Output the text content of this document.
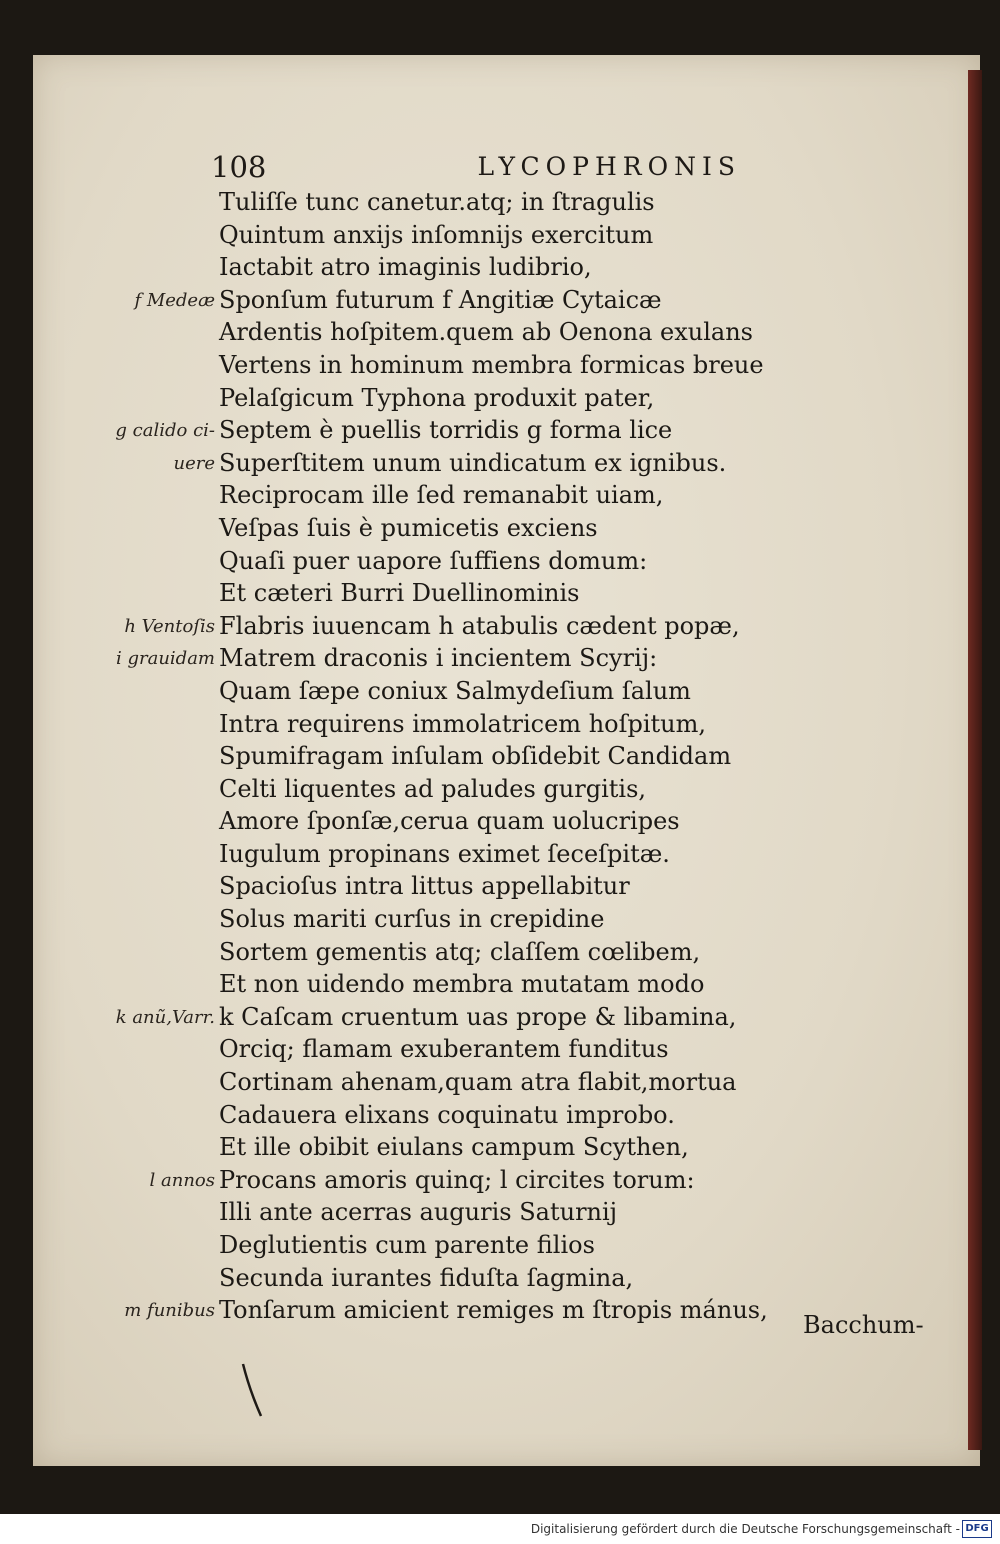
108	LYCOPHRONIS
Tuliſſe tunc canetur.atq; in ſtragulis
Quintum anxijs inſomnijs exercitum
Iactabit atro imaginis ludibrio,
Sponſum futurum f Angitiæ Cytaicæ
Ardentis hoſpitem.quem ab Oenona exulans
Vertens in hominum membra formicas breue
Pelaſgicum Typhona produxit pater,
Septem è puellis torridis g forma lice
Superſtitem unum uindicatum ex ignibus.
Reciprocam ille ſed remanabit uiam,
Veſpas ſuis è pumicetis exciens
Quaſi puer uapore ſuffiens domum:
Et cæteri Burri Duellinominis
Flabris iuuencam h atabulis cædent popæ,
Matrem draconis i incientem Scyrij:
Quam ſæpe coniux Salmydeſium ſalum
Intra requirens immolatricem hoſpitum,
Spumifragam inſulam obſidebit Candidam
Celti liquentes ad paludes gurgitis,
Amore ſponſæ,cerua quam uolucripes
Iugulum propinans eximet ſeceſpitæ.
Spacioſus intra littus appellabitur
Solus mariti curſus in crepidine
Sortem gementis atq; claſſem cœlibem,
Et non uidendo membra mutatam modo
k Caſcam cruentum uas prope & libamina,
Orciq; flamam exuberantem funditus
Cortinam ahenam,quam atra flabit,mortua
Cadauera elixans coquinatu improbo.
Et ille obibit eiulans campum Scythen,
Procans amoris quinq; l circites torum:
Illi ante acerras auguris Saturnij
Deglutientis cum parente filios
Secunda iurantes fiduſta ſagmina,
Tonſarum amicient remiges m ſtropis mánus,
f Medeæ
g calido ci-
uere
h Ventoſis
i grauidam
k anũ,Varr.
l annos
m funibus
Bacchum-
Digitalisierung gefördert durch die Deutsche Forschungsgemeinschaft - DFG
